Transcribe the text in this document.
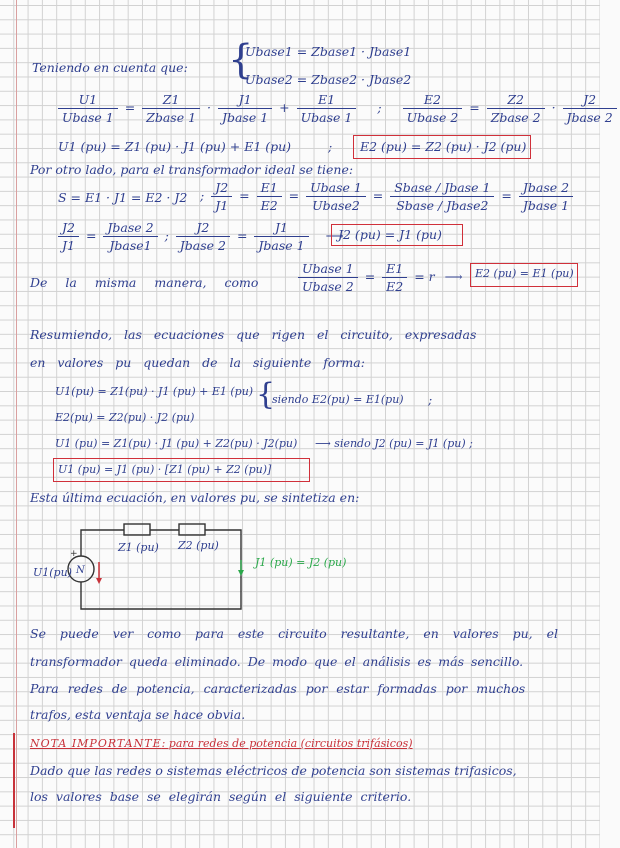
Teniendo en cuenta que: {
Ubase1 = Zbase1 · Jbase1
Ubase2 = Zbase2 · Jbase2
$\frac{U1}{\text{Ubase 1}} = \frac{Z1}{\text{Zbase 1}} \cdot \frac{J1}{\text{Jbase 1}} + \frac{E1}{\text{Ubase 1}}$ ; $\frac{E2}{\text{Ubase 2}} = \frac{Z2}{\text{Zbase 2}} \cdot \frac{J2}{\text{Jbase 2}}$
U1 (pu) = Z1 (pu) · J1 (pu) + E1 (pu)	; E2 (pu) = Z2 (pu) · J2 (pu)
Por otro lado, para el transformador ideal se tiene:
S = E1 · J1 = E2 · J2 ; $\frac{J2}{J1} = \frac{E1}{E2} = \frac{\text{Ubase 1}}{\text{Ubase2}} = \frac{\text{Sbase / Jbase 1}}{\text{Sbase / Jbase2}} = \frac{\text{Jbase 2}}{\text{Jbase 1}}$
$\frac{J2}{J1} = \frac{\text{Jbase 2}}{\text{Jbase1}}$ ; $\frac{J2}{\text{Jbase 2}} = \frac{J1}{\text{Jbase 1}}$ ⟶
J2 (pu) = J1 (pu)
De la misma manera, como	$\frac{\text{Ubase 1}}{\text{Ubase 2}} = \frac{E1}{E2} = r$ ⟶ E2 (pu) = E1 (pu)
Resumiendo, las ecuaciones que rigen el circuito, expresadas
en valores pu quedan de la siguiente forma:
U1(pu) = Z1(pu) · J1 (pu) + E1 (pu)
E2(pu) = Z2(pu) · J2 (pu)
{
siendo E2(pu) = E1(pu) ;
U1 (pu) = Z1(pu) · J1 (pu) + Z2(pu) · J2(pu) ⟶ siendo J2 (pu) = J1 (pu) ;
U1 (pu) = J1 (pu) · [Z1 (pu) + Z2 (pu)]
Esta última ecuación, en valores pu, se sintetiza en:
N
+	Z1 (pu) Z2 (pu)
U1(pu)
J1 (pu) = J2 (pu)
Se puede ver como para este circuito resultante, en valores pu, el
transformador queda eliminado. De modo que el análisis es más sencillo.
Para redes de potencia, caracterizadas por estar formadas por muchos
trafos, esta ventaja se hace obvia.
NOTA IMPORTANTE: para redes de potencia (circuitos trifásicos)
Dado que las redes o sistemas eléctricos de potencia son sistemas trifasicos,
los valores base se elegirán según el siguiente criterio.
